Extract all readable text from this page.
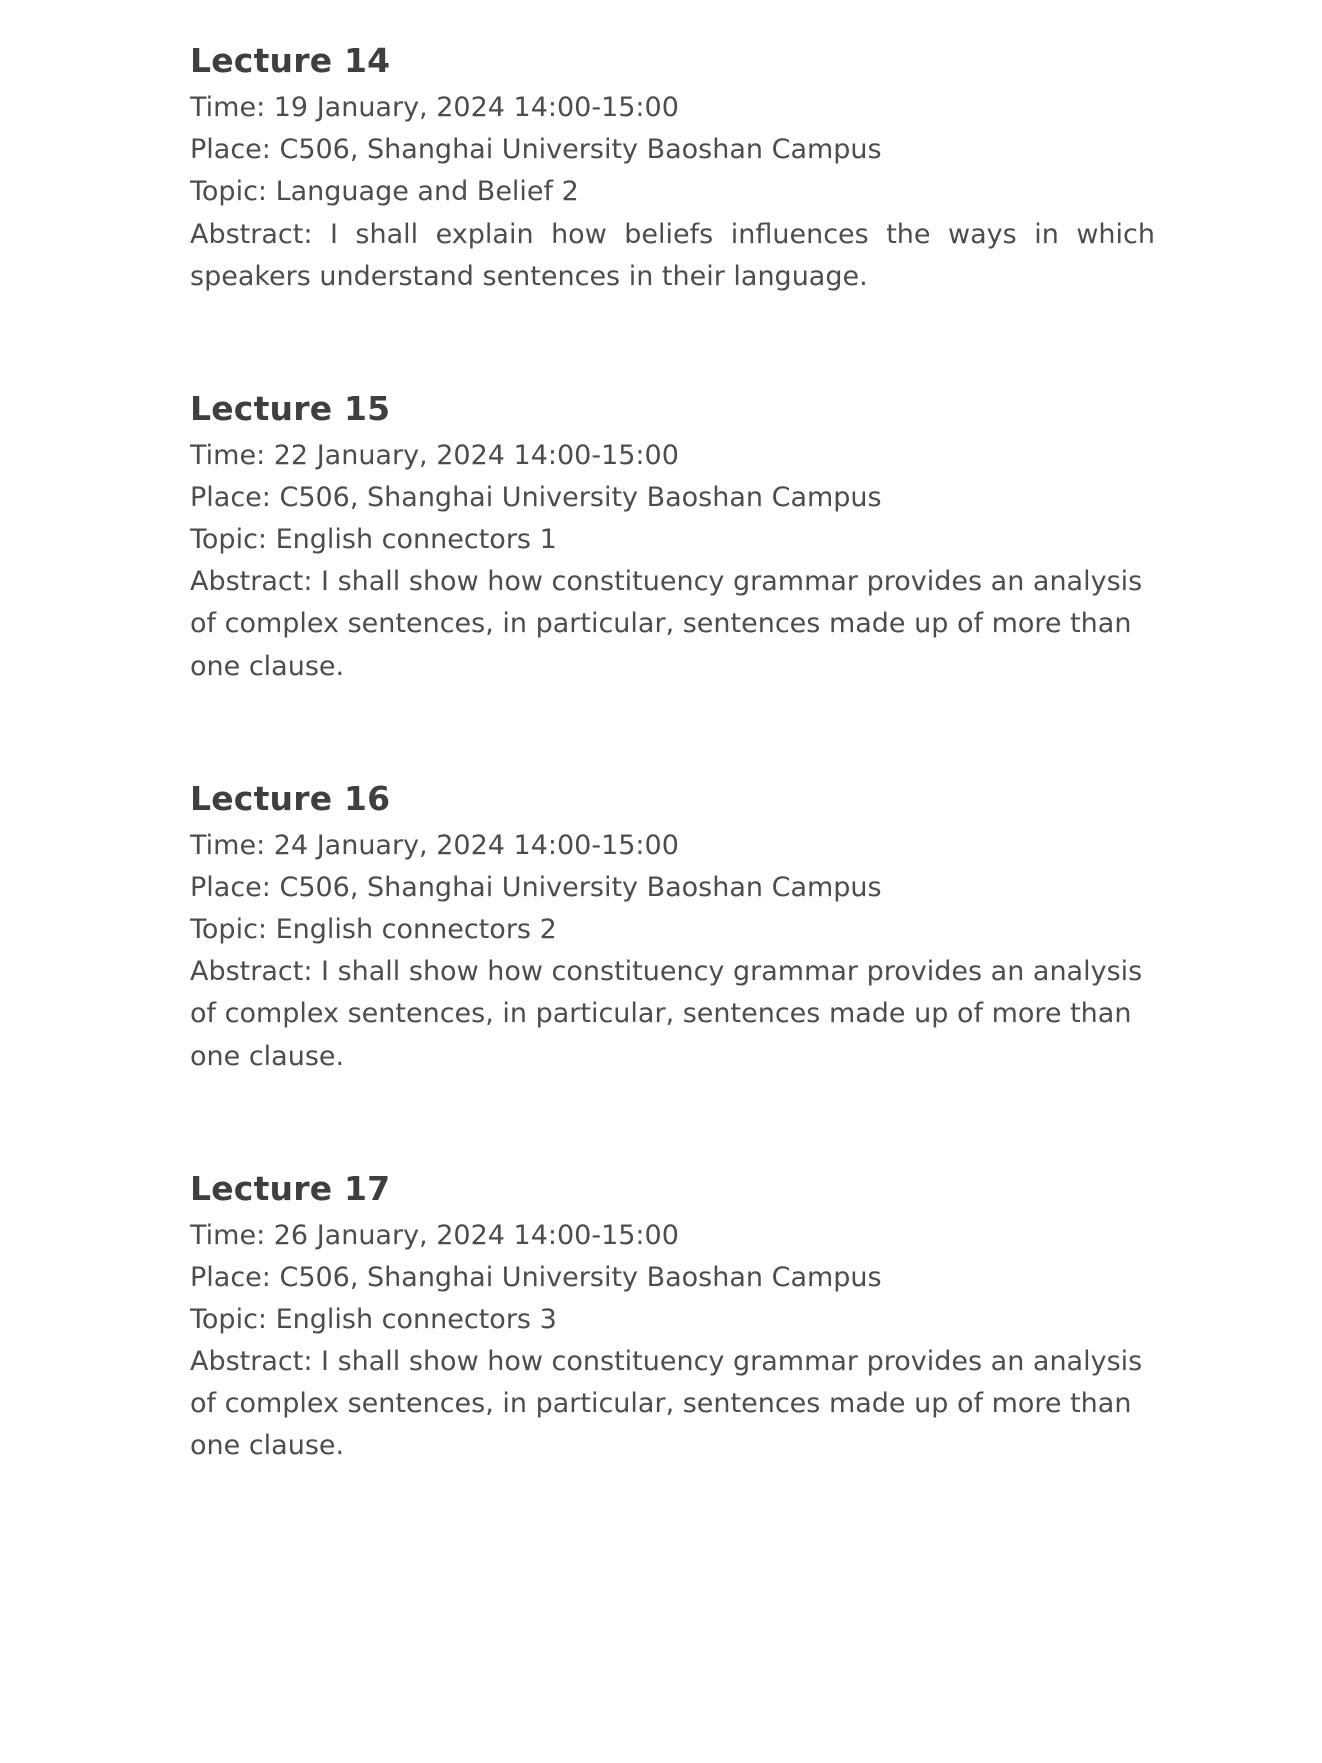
Lecture 14

Time: 19 January, 2024 14:00-15:00

Place: C506, Shanghai University Baoshan Campus

Topic: Language and Belief 2

Abstract: I shall explain how beliefs influences the ways in which speakers understand sentences in their language.

Lecture 15

Time: 22 January, 2024 14:00-15:00

Place: C506, Shanghai University Baoshan Campus

Topic: English connectors 1

Abstract: I shall show how constituency grammar provides an analysis of complex sentences, in particular, sentences made up of more than one clause.

Lecture 16

Time: 24 January, 2024 14:00-15:00

Place: C506, Shanghai University Baoshan Campus

Topic: English connectors 2

Abstract: I shall show how constituency grammar provides an analysis of complex sentences, in particular, sentences made up of more than one clause.

Lecture 17

Time: 26 January, 2024 14:00-15:00

Place: C506, Shanghai University Baoshan Campus

Topic: English connectors 3

Abstract: I shall show how constituency grammar provides an analysis of complex sentences, in particular, sentences made up of more than one clause.
